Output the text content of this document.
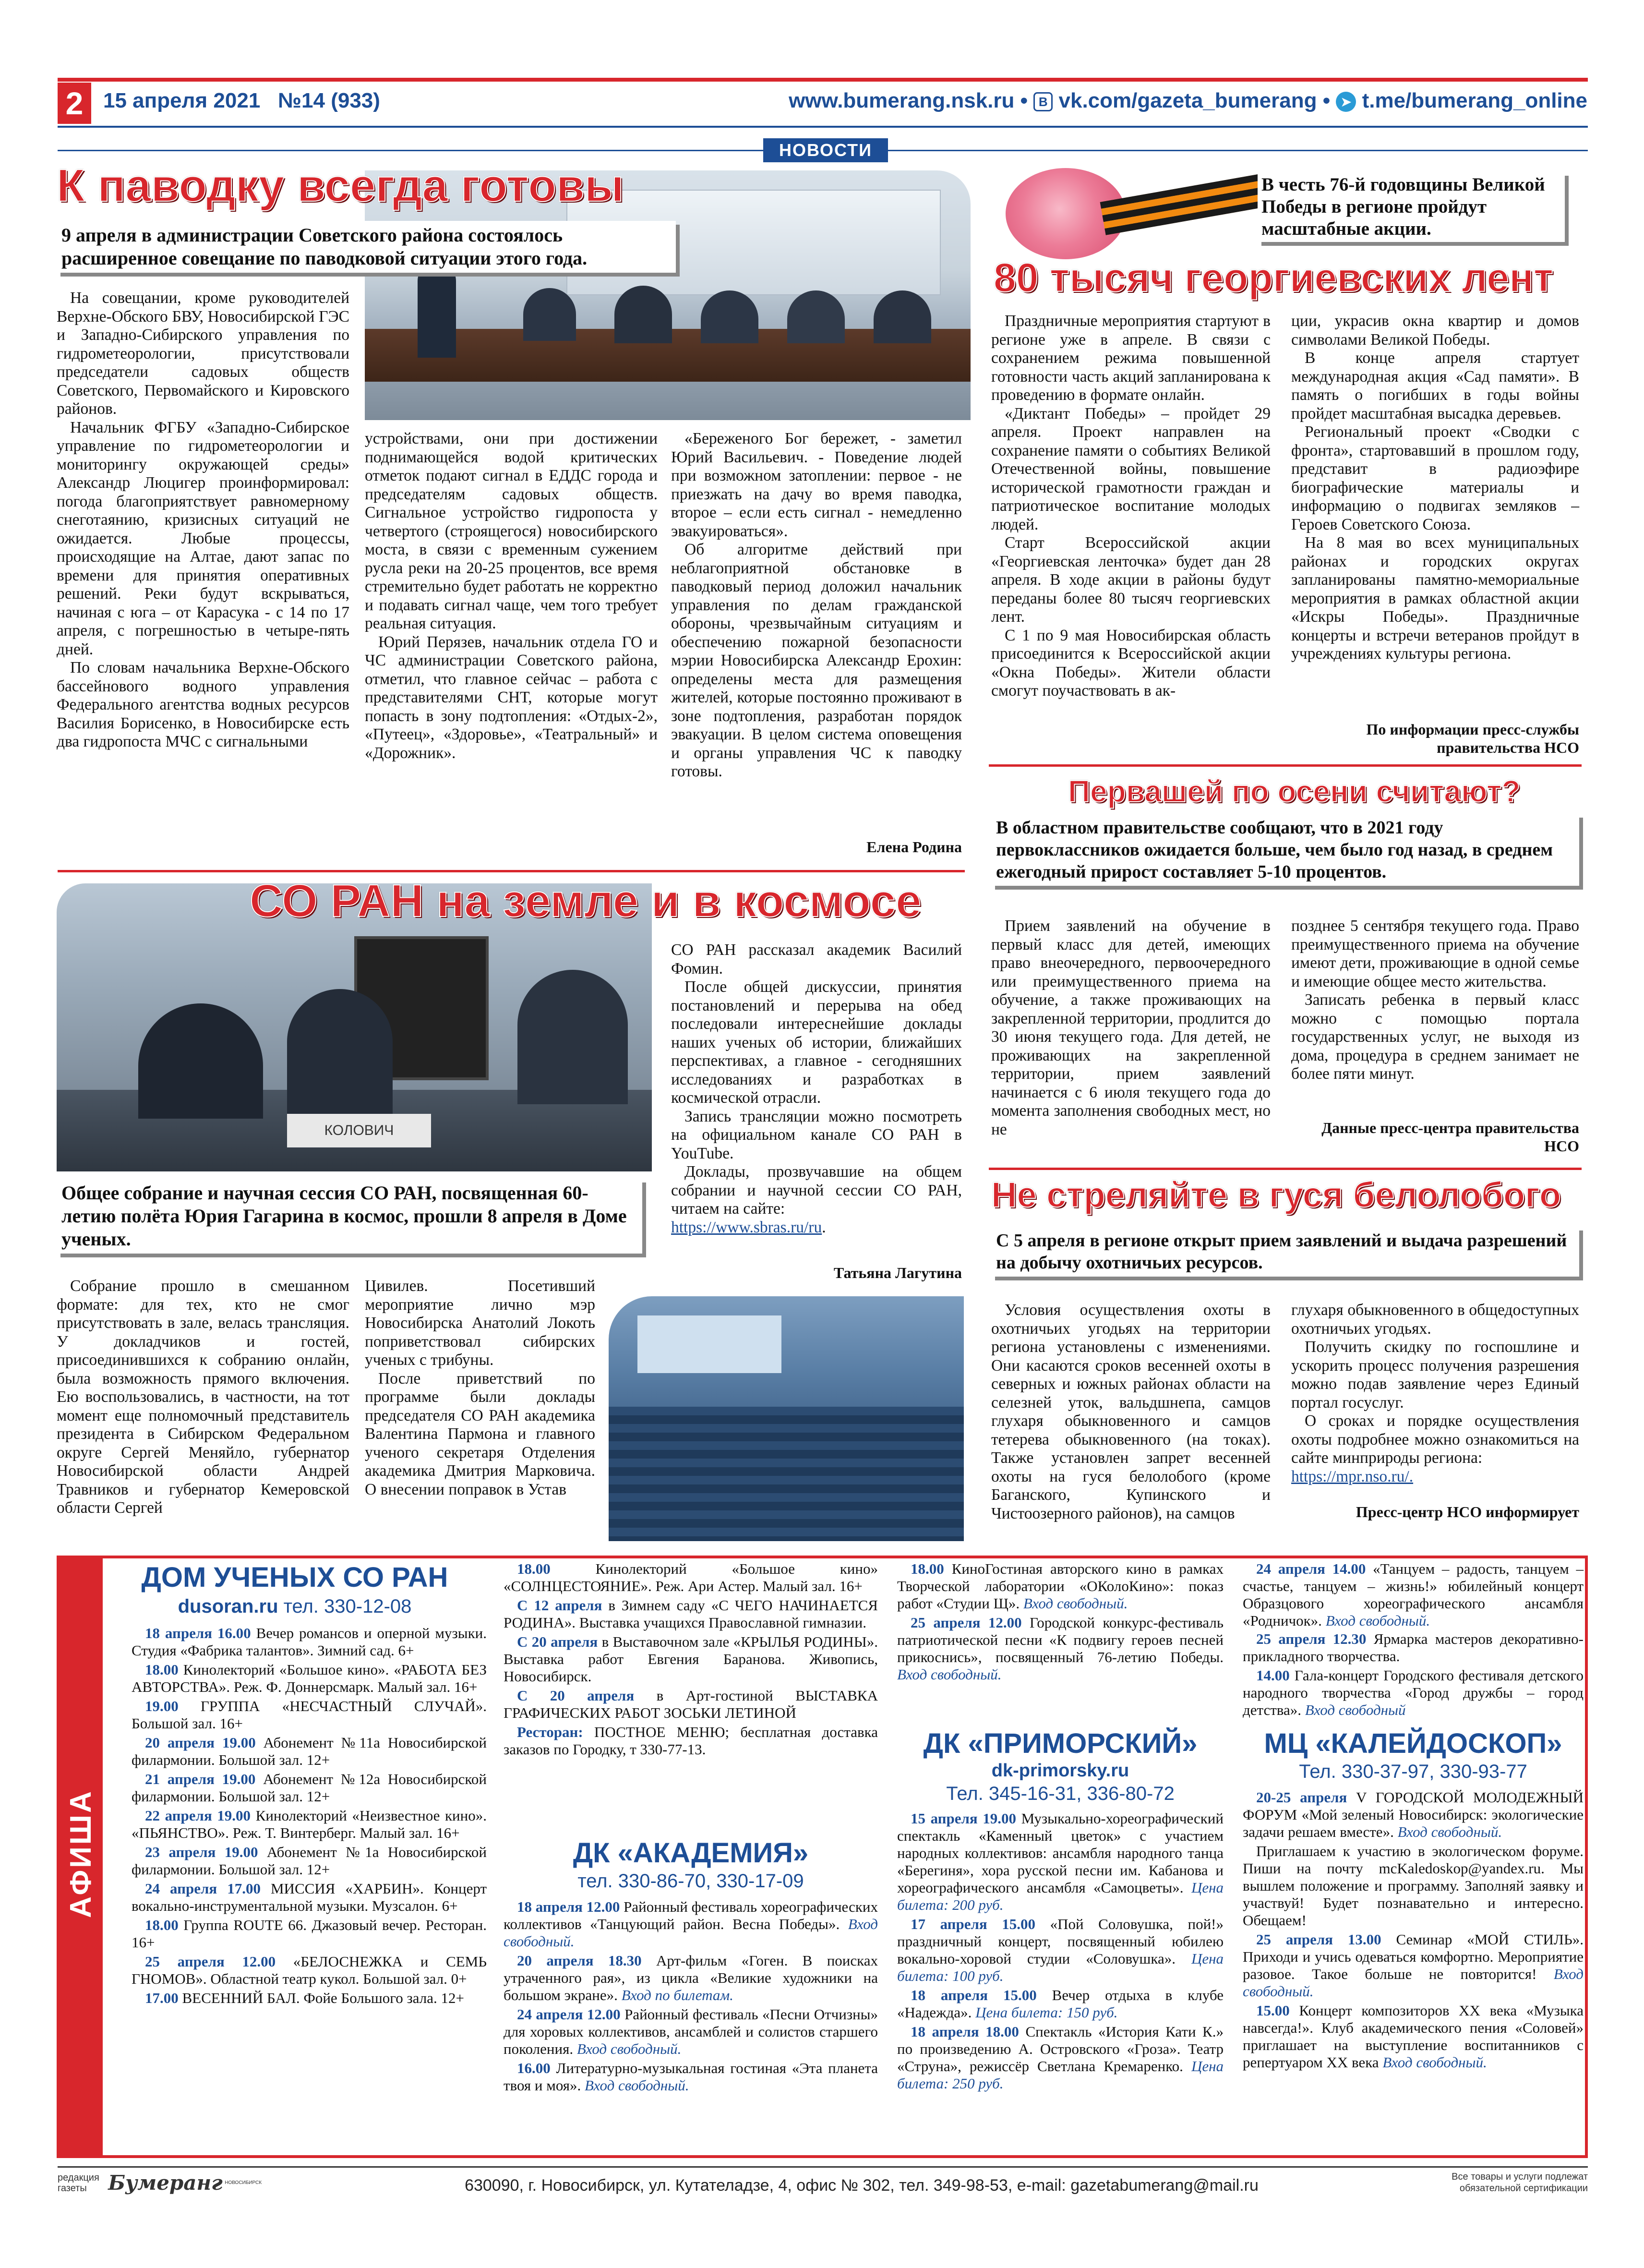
2 15 апреля 2021 №14 (933)	www.bumerang.nsk.ru • В vk.com/gazeta_bumerang • ➤ t.me/bumerang_online
НОВОСТИ
К паводку всегда готовы
9 апреля в администрации Советского района состоялось расширенное совещание по паводковой ситуации этого года.

На совещании, кроме руководителей Верхне-Обского БВУ, Новосибирской ГЭС и Западно-Сибирского управления по гидрометеорологии, присутствовали председатели садовых обществ Советского, Первомайского и Кировского районов.

Начальник ФГБУ «Западно-Сибирское управление по гидрометеорологии и мониторингу окружающей среды» Александр Люцигер проинформировал: погода благоприятствует равномерному снеготаянию, кризисных ситуаций не ожидается. Любые процессы, происходящие на Алтае, дают запас по времени для принятия оперативных решений. Реки будут вскрываться, начиная с юга – от Карасука - с 14 по 17 апреля, с погрешностью в четыре-пять дней.

По словам начальника Верхне-Обского бассейнового водного управления Федерального агентства водных ресурсов Василия Борисенко, в Новосибирске есть два гидропоста МЧС с сигнальными

устройствами, они при достижении поднимающейся водой критических отметок подают сигнал в ЕДДС города и председателям садовых обществ. Сигнальное устройство гидропоста у четвертого (строящегося) новосибирского моста, в связи с временным сужением русла реки на 20-25 процентов, все время стремительно будет работать не корректно и подавать сигнал чаще, чем того требует реальная ситуация.

Юрий Перязев, начальник отдела ГО и ЧС администрации Советского района, отметил, что главное сейчас – работа с представителями СНТ, которые могут попасть в зону подтопления: «Отдых-2», «Путеец», «Здоровье», «Театральный» и «Дорожник».

«Береженого Бог бережет, - заметил Юрий Васильевич. - Поведение людей при возможном затоплении: первое - не приезжать на дачу во время паводка, второе – если есть сигнал - немедленно эвакуироваться».

Об алгоритме действий при неблагоприятной обстановке в паводковый период доложил начальник управления по делам гражданской обороны, чрезвычайным ситуациям и обеспечению пожарной безопасности мэрии Новосибирска Александр Ерохин: определены места для размещения жителей, которые постоянно проживают в зоне подтопления, разработан порядок эвакуации. В целом система оповещения и органы управления ЧС к паводку готовы.

Елена Родина
В честь 76-й годовщины Великой Победы в регионе пройдут масштабные акции.
80 тысяч георгиевских лент

Праздничные мероприятия стартуют в регионе уже в апреле. В связи с сохранением режима повышенной готовности часть акций запланирована к проведению в формате онлайн.

«Диктант Победы» – пройдет 29 апреля. Проект направлен на сохранение памяти о событиях Великой Отечественной войны, повышение исторической грамотности граждан и патриотическое воспитание молодых людей.

Старт Всероссийской акции «Георгиевская ленточка» будет дан 28 апреля. В ходе акции в районы будут переданы более 80 тысяч георгиевских лент.

С 1 по 9 мая Новосибирская область присоединится к Всероссийской акции «Окна Победы». Жители области смогут поучаствовать в ак-

ции, украсив окна квартир и домов символами Великой Победы.

В конце апреля стартует международная акция «Сад памяти». В память о погибших в годы войны пройдет масштабная высадка деревьев.

Региональный проект «Сводки с фронта», стартовавший в прошлом году, представит в радиоэфире биографические материалы и информацию о подвигах земляков – Героев Советского Союза.

На 8 мая во всех муниципальных районах и городских округах запланированы памятно-мемориальные мероприятия в рамках областной акции «Искры Победы». Праздничные концерты и встречи ветеранов пройдут в учреждениях культуры региона.

По информации пресс-службы правительства НСО
Первашей по осени считают?
В областном правительстве сообщают, что в 2021 году первоклассников ожидается больше, чем было год назад, в среднем ежегодный прирост составляет 5-10 процентов.

Прием заявлений на обучение в первый класс для детей, имеющих право внеочередного, первоочередного или преимущественного приема на обучение, а также проживающих на закрепленной территории, продлится до 30 июня текущего года. Для детей, не проживающих на закрепленной территории, прием заявлений начинается с 6 июля текущего года до момента заполнения свободных мест, но не

позднее 5 сентября текущего года. Право преимущественного приема на обучение имеют дети, проживающие в одной семье и имеющие общее место жительства.

Записать ребенка в первый класс можно с помощью портала государственных услуг, не выходя из дома, процедура в среднем занимает не более пяти минут.

Данные пресс-центра правительства НСО
КОЛОВИЧ
СО РАН на земле и в космосе

СО РАН рассказал академик Василий Фомин.

После общей дискуссии, принятия постановлений и перерыва на обед последовали интереснейшие доклады наших ученых об истории, ближайших перспективах, а главное - сегодняшних исследованиях и разработках в космической отрасли.

Запись трансляции можно посмотреть на официальном канале СО РАН в YouTube.

Доклады, прозвучавшие на общем собрании и научной сессии СО РАН, читаем на сайте:

https://www.sbras.ru/ru.

Татьяна Лагутина
Общее собрание и научная сессия СО РАН, посвященная 60-летию полёта Юрия Гагарина в космос, прошли 8 апреля в Доме ученых.

Собрание прошло в смешанном формате: для тех, кто не смог присутствовать в зале, велась трансляция. У докладчиков и гостей, присоединившихся к собранию онлайн, была возможность прямого включения. Ею воспользовались, в частности, на тот момент еще полномочный представитель президента в Сибирском Федеральном округе Сергей Меняйло, губернатор Новосибирской области Андрей Травников и губернатор Кемеровской области Сергей

Цивилев. Посетивший мероприятие лично мэр Новосибирска Анатолий Локоть поприветствовал сибирских ученых с трибуны.

После приветствий по программе были доклады председателя СО РАН академика Валентина Пармона и главного ученого секретаря Отделения академика Дмитрия Марковича. О внесении поправок в Устав

Не стреляйте в гуся белолобого
С 5 апреля в регионе открыт прием заявлений и выдача разрешений на добычу охотничьих ресурсов.

Условия осуществления охоты в охотничьих угодьях на территории региона установлены с изменениями. Они касаются сроков весенней охоты в северных и южных районах области на селезней уток, вальдшнепа, самцов глухаря обыкновенного и самцов тетерева обыкновенного (на токах). Также установлен запрет весенней охоты на гуся белолобого (кроме Баганского, Купинского и Чистоозерного районов), на самцов

глухаря обыкновенного в общедоступных охотничьих угодьях.

Получить скидку по госпошлине и ускорить процесс получения разрешения можно подав заявление через Единый портал госуслуг.

О сроках и порядке осуществления охоты подробнее можно ознакомиться на сайте минприроды региона:

https://mpr.nso.ru/.

Пресс-центр НСО информирует
АФИША
ДОМ УЧЕНЫХ СО РАН
dusoran.ru тел. 330-12-08

18 апреля 16.00 Вечер романсов и оперной музыки. Студия «Фабрика талантов». Зимний сад. 6+

18.00 Кинолекторий «Большое кино». «РАБОТА БЕЗ АВТОРСТВА». Реж. Ф. Доннерсмарк. Малый зал. 16+

19.00 ГРУППА «НЕСЧАСТНЫЙ СЛУЧАЙ». Большой зал. 16+

20 апреля 19.00 Абонемент №11а Новосибирской филармонии. Большой зал. 12+

21 апреля 19.00 Абонемент №12а Новосибирской филармонии. Большой зал. 12+

22 апреля 19.00 Кинолекторий «Неизвестное кино». «ПЬЯНСТВО». Реж. Т. Винтерберг. Малый зал. 16+

23 апреля 19.00 Абонемент №1а Новосибирской филармонии. Большой зал. 12+

24 апреля 17.00 МИССИЯ «ХАРБИН». Концерт вокально-инструментальной музыки. Музсалон. 6+

18.00 Группа ROUTE 66. Джазовый вечер. Ресторан. 16+

25 апреля 12.00 «БЕЛОСНЕЖКА и СЕМЬ ГНОМОВ». Областной театр кукол. Большой зал. 0+

17.00 ВЕСЕННИЙ БАЛ. Фойе Большого зала. 12+

18.00 Кинолекторий «Большое кино» «СОЛНЦЕСТОЯНИЕ». Реж. Ари Астер. Малый зал. 16+

С 12 апреля в Зимнем саду «С ЧЕГО НАЧИНАЕТСЯ РОДИНА». Выставка учащихся Православной гимназии.

С 20 апреля в Выставочном зале «КРЫЛЬЯ РОДИНЫ». Выставка работ Евгения Баранова. Живопись, Новосибирск.

С 20 апреля в Арт-гостиной ВЫСТАВКА ГРАФИЧЕСКИХ РАБОТ ЗОСЬКИ ЛЕТИНОЙ

Ресторан: ПОСТНОЕ МЕНЮ; бесплатная доставка заказов по Городку, т 330-77-13.

ДК «АКАДЕМИЯ»
тел. 330-86-70, 330-17-09

18 апреля 12.00 Районный фестиваль хореографических коллективов «Танцующий район. Весна Победы». Вход свободный.

20 апреля 18.30 Арт-фильм «Гоген. В поисках утраченного рая», из цикла «Великие художники на большом экране». Вход по билетам.

24 апреля 12.00 Районный фестиваль «Песни Отчизны» для хоровых коллективов, ансамблей и солистов старшего поколения. Вход свободный.

16.00 Литературно-музыкальная гостиная «Эта планета твоя и моя». Вход свободный.

18.00 КиноГостиная авторского кино в рамках Творческой лаборатории «ОКолоКино»: показ работ «Студии Щ». Вход свободный.

25 апреля 12.00 Городской конкурс-фестиваль патриотической песни «К подвигу героев песней прикоснись», посвященный 76-летию Победы. Вход свободный.

ДК «ПРИМОРСКИЙ»
dk-primorsky.ru
Тел. 345-16-31, 336-80-72

15 апреля 19.00 Музыкально-хореографический спектакль «Каменный цветок» с участием народных коллективов: ансамбля народного танца «Берегиня», хора русской песни им. Кабанова и хореографического ансамбля «Самоцветы». Цена билета: 200 руб.

17 апреля 15.00 «Пой Соловушка, пой!» праздничный концерт, посвященный юбилею вокально-хоровой студии «Соловушка». Цена билета: 100 руб.

18 апреля 15.00 Вечер отдыха в клубе «Надежда». Цена билета: 150 руб.

18 апреля 18.00 Спектакль «История Кати К.» по произведению А. Островского «Гроза». Театр «Струна», режиссёр Светлана Кремаренко. Цена билета: 250 руб.

24 апреля 14.00 «Танцуем – радость, танцуем – счастье, танцуем – жизнь!» юбилейный концерт Образцового хореографического ансамбля «Родничок». Вход свободный.

25 апреля 12.30 Ярмарка мастеров декоративно-прикладного творчества.

14.00 Гала-концерт Городского фестиваля детского народного творчества «Город дружбы – город детства». Вход свободный

МЦ «КАЛЕЙДОСКОП»
Тел. 330-37-97, 330-93-77

20-25 апреля V ГОРОДСКОЙ МОЛОДЕЖНЫЙ ФОРУМ «Мой зеленый Новосибирск: экологические задачи решаем вместе». Вход свободный.

Приглашаем к участию в экологическом форуме. Пиши на почту mcKaledoskop@yandex.ru. Мы вышлем положение и программу. Заполняй заявку и участвуй! Будет познавательно и интересно. Обещаем!

25 апреля 13.00 Семинар «МОЙ СТИЛЬ». Приходи и учись одеваться комфортно. Мероприятие разовое. Такое больше не повторится! Вход свободный.

15.00 Концерт композиторов XX века «Музыка навсегда!». Клуб академического пения «Соловей» приглашает на выступление воспитанников с репертуаром XX века Вход свободный.

редакция
газеты	Бумеранг НОВОСИБИРСК	630090, г. Новосибирск, ул. Кутателадзе, 4, офис № 302, тел. 349-98-53, e-mail: gazetabumerang@mail.ru	Все товары и услуги подлежат обязательной сертификации
